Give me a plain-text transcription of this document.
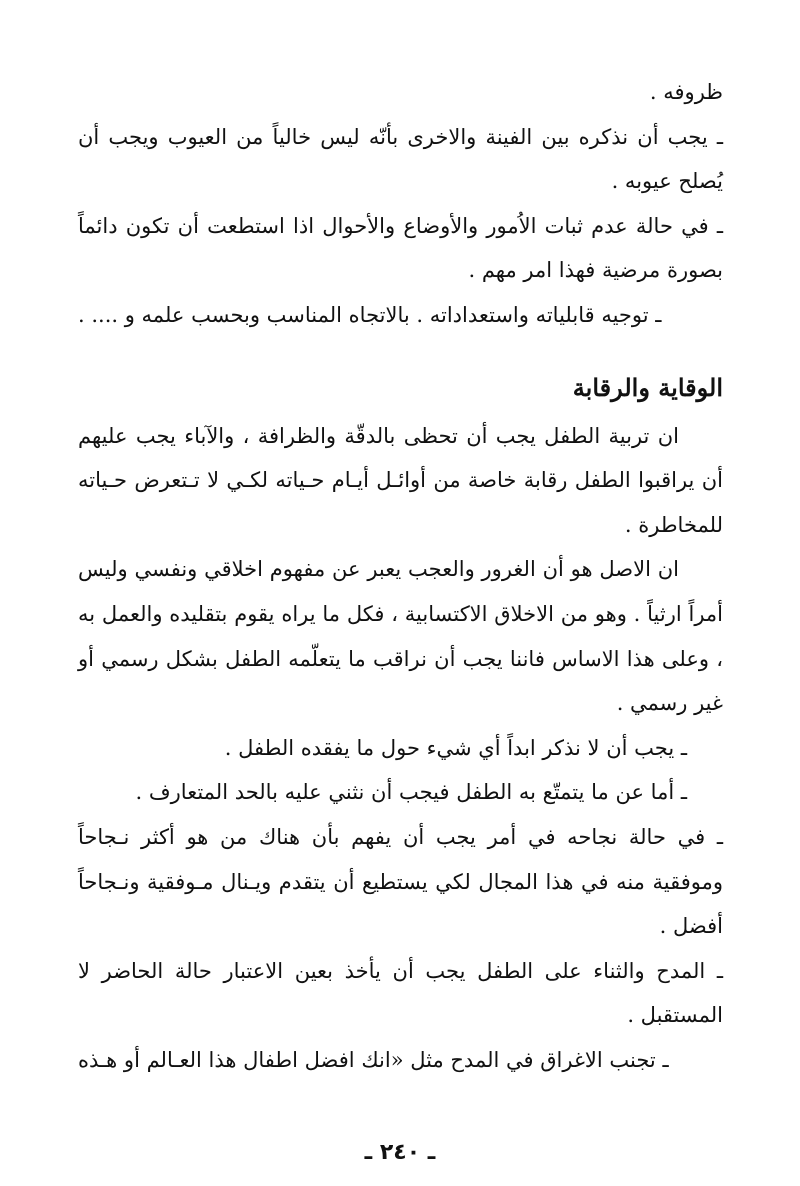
ظروفه .

ـ يجب أن نذكره بين الفينة والاخرى بأنّه ليس خالياً من العيوب ويجب أن يُصلح عيوبه .

ـ في حالة عدم ثبات الاُمور والأوضاع والأحوال اذا استطعت أن تكون دائماً بصورة مرضية فهذا امر مهم .

ـ توجيه قابلياته واستعداداته . بالاتجاه المناسب وبحسب علمه و .... .

الوقاية والرقابة

ان تربية الطفل يجب أن تحظى بالدقّة والظرافة ، والآباء يجب عليهم أن يراقبوا الطفل رقابة خاصة من أوائـل أيـام حـياته لكـي لا تـتعرض حـياته للمخاطرة .

ان الاصل هو أن الغرور والعجب يعبر عن مفهوم اخلاقي ونفسي وليس أمراً ارثياً . وهو من الاخلاق الاكتسابية ، فكل ما يراه يقوم بتقليده والعمل به ، وعلى هذا الاساس فاننا يجب أن نراقب ما يتعلّمه الطفل بشكل رسمي أو غير رسمي .

ـ يجب أن لا نذكر ابداً أي شيء حول ما يفقده الطفل .

ـ أما عن ما يتمتّع به الطفل فيجب أن نثني عليه بالحد المتعارف .

ـ في حالة نجاحه في أمر يجب أن يفهم بأن هناك من هو أكثر نـجاحاً وموفقية منه في هذا المجال لكي يستطيع أن يتقدم ويـنال مـوفقية ونـجاحاً أفضل .

ـ المدح والثناء على الطفل يجب أن يأخذ بعين الاعتبار حالة الحاضر لا المستقبل .

ـ تجنب الاغراق في المدح مثل «انك افضل اطفال هذا العـالم أو هـذه

ـ ٢٤٠ ـ
